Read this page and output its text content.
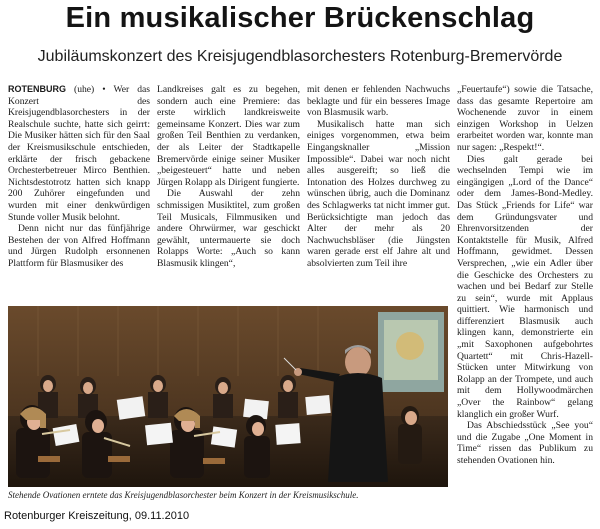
Ein musikalischer Brückenschlag
Jubiläumskonzert des Kreisjugendblasorchesters Rotenburg-Bremervörde

ROTENBURG (uhe) • Wer das Konzert des Kreisjugendblasorchesters in der Realschule suchte, hatte sich geirrt: Die Musiker hätten sich für den Saal der Kreismusikschule entschieden, erklärte der frisch gebackene Orchesterbetreuer Mirco Benthien. Nichtsdestotrotz hatten sich knapp 200 Zuhörer eingefunden und wurden mit einer denkwürdigen Stunde voller Musik belohnt.

Denn nicht nur das fünfjährige Bestehen der von Alfred Hoffmann und Jürgen Rudolph ersonnenen Plattform für Blasmusiker des

Landkreises galt es zu begehen, sondern auch eine Premiere: das erste wirklich landkreisweite gemeinsame Konzert. Dies war zum großen Teil Benthien zu verdanken, der als Leiter der Stadtkapelle Bremervörde einige seiner Musiker „beigesteuert“ hatte und neben Jürgen Rolapp als Dirigent fungierte.

Die Auswahl der zehn schmissigen Musiktitel, zum großen Teil Musicals, Filmmusiken und andere Ohrwürmer, war geschickt gewählt, untermauerte sie doch Rolapps Worte: „Auch so kann Blasmusik klingen“,

mit denen er fehlenden Nachwuchs beklagte und für ein besseres Image von Blasmusik warb.

Musikalisch hatte man sich einiges vorgenommen, etwa beim Eingangsknaller „Mission Impossible“. Dabei war noch nicht alles ausgereift; so ließ die Intonation des Holzes durchweg zu wünschen übrig, auch die Dominanz des Schlagwerks tat nicht immer gut. Berücksichtigte man jedoch das Alter der mehr als 20 Nachwuchsbläser (die Jüngsten waren gerade erst elf Jahre alt und absolvierten zum Teil ihre

„Feuertaufe“) sowie die Tatsache, dass das gesamte Repertoire am Wochenende zuvor in einem einzigen Workshop in Uelzen erarbeitet worden war, konnte man nur sagen: „Respekt!“.

Dies galt gerade bei wechselnden Tempi wie im eingängigen „Lord of the Dance“ oder dem James-Bond-Medley. Das Stück „Friends for Life“ war dem Gründungsvater und Ehrenvorsitzenden der Kontaktstelle für Musik, Alfred Hoffmann, gewidmet. Dessen Versprechen, „wie ein Adler über die Geschicke des Orchesters zu wachen und bei Bedarf zur Stelle zu sein“, wurde mit Applaus quittiert. Wie harmonisch und differenziert Blasmusik auch klingen kann, demonstrierte ein „mit Saxophonen aufgebohrtes Quartett“ mit Chris-Hazell-Stücken unter Mitwirkung von Rolapp an der Trompete, und auch mit dem Hollywoodmärchen „Over the Rainbow“ gelang klanglich ein großer Wurf.

Das Abschiedsstück „See you“ und die Zugabe „One Moment in Time“ rissen das Publikum zu stehenden Ovationen hin.

Stehende Ovationen erntete das Kreisjugendblasorchester beim Konzert in der Kreismusikschule.
Rotenburger Kreiszeitung, 09.11.2010
